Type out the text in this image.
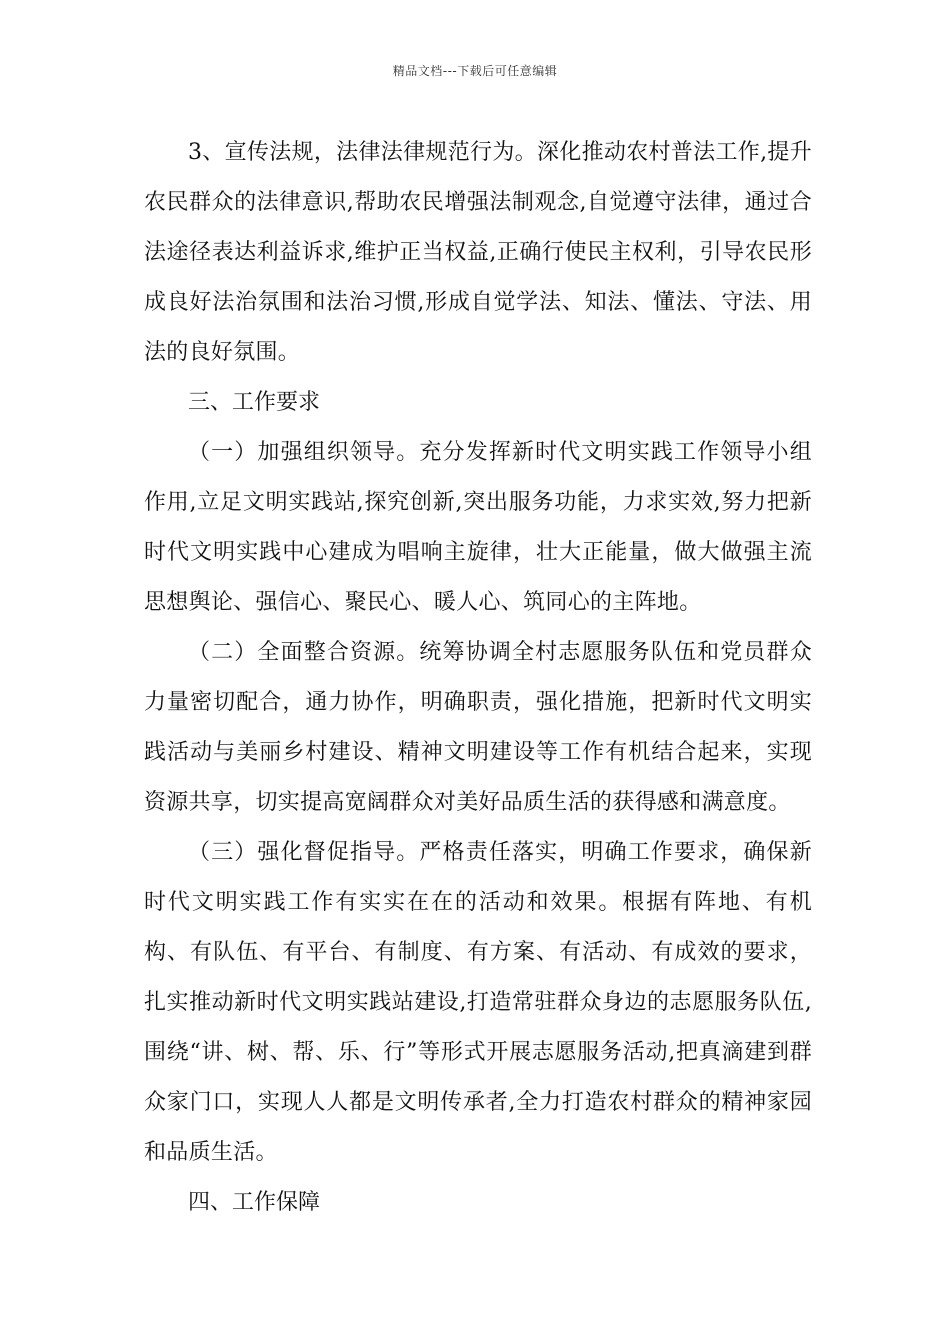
精品文档---下载后可任意编辑

3、宣传法规，法律法律规范行为。深化推动农村普法工作,提升农民群众的法律意识,帮助农民增强法制观念,自觉遵守法律，通过合法途径表达利益诉求,维护正当权益,正确行使民主权利，引导农民形成良好法治氛围和法治习惯,形成自觉学法、知法、懂法、守法、用法的良好氛围。

三、工作要求

（一）加强组织领导。充分发挥新时代文明实践工作领导小组作用,立足文明实践站,探究创新,突出服务功能，力求实效,努力把新时代文明实践中心建成为唱响主旋律，壮大正能量，做大做强主流思想舆论、强信心、聚民心、暖人心、筑同心的主阵地。

（二）全面整合资源。统筹协调全村志愿服务队伍和党员群众力量密切配合，通力协作，明确职责，强化措施，把新时代文明实践活动与美丽乡村建设、精神文明建设等工作有机结合起来，实现资源共享，切实提高宽阔群众对美好品质生活的获得感和满意度。

（三）强化督促指导。严格责任落实，明确工作要求，确保新时代文明实践工作有实实在在的活动和效果。根据有阵地、有机构、有队伍、有平台、有制度、有方案、有活动、有成效的要求，扎实推动新时代文明实践站建设,打造常驻群众身边的志愿服务队伍,围绕“讲、树、帮、乐、行”等形式开展志愿服务活动,把真滴建到群众家门口，实现人人都是文明传承者,全力打造农村群众的精神家园和品质生活。

四、工作保障
